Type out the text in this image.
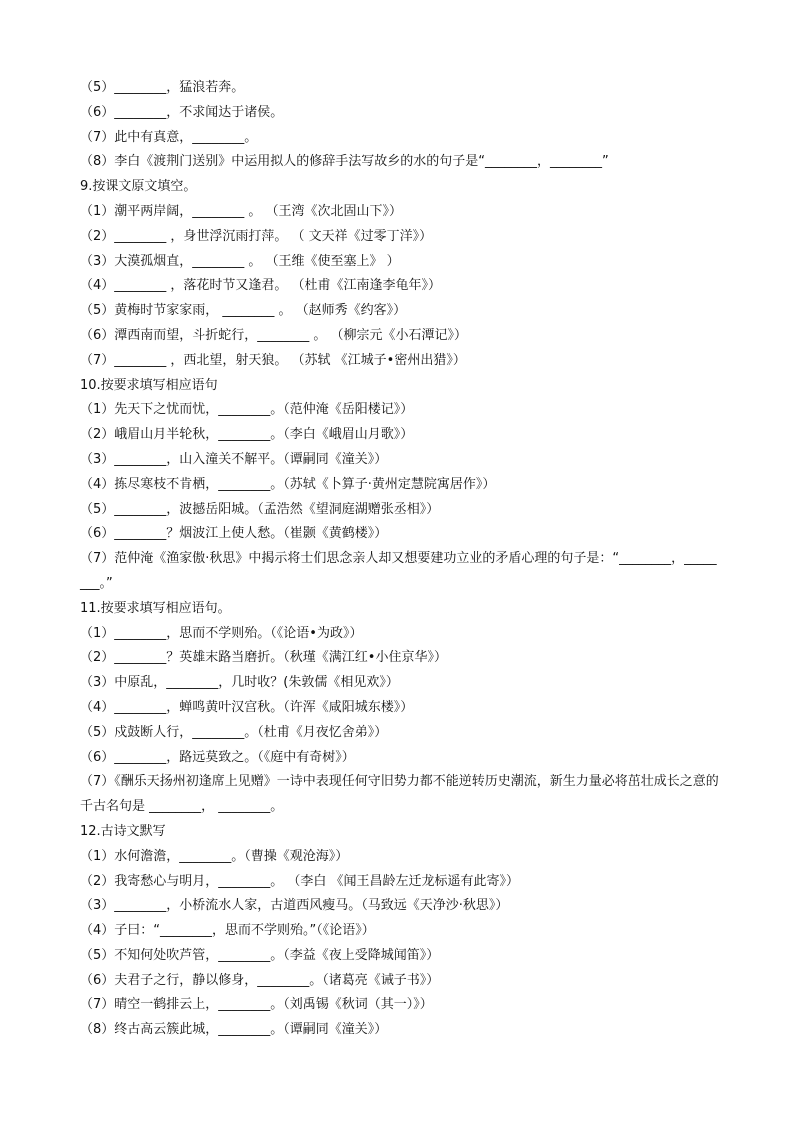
（5）________，猛浪若奔。
（6）________，不求闻达于诸侯。
（7）此中有真意，________。
（8）李白《渡荆门送别》中运用拟人的修辞手法写故乡的水的句子是“________，________”
9.按课文原文填空。
（1）潮平两岸阔，________ 。 （王湾《次北固山下》）
（2）________ ，身世浮沉雨打萍。 （ 文天祥《过零丁洋》）
（3）大漠孤烟直，________ 。 （王维《使至塞上》 ）
（4）________ ，落花时节又逢君。 （杜甫《江南逢李龟年》）
（5）黄梅时节家家雨， ________ 。 （赵师秀《约客》）
（6）潭西南而望，斗折蛇行，________ 。 （柳宗元《小石潭记》）
（7）________ ，西北望，射天狼。 （苏轼 《江城子•密州出猎》）
10.按要求填写相应语句
（1）先天下之忧而忧，________。（范仲淹《岳阳楼记》）
（2）峨眉山月半轮秋，________。（李白《峨眉山月歌》）
（3）________，山入潼关不解平。（谭嗣同《潼关》）
（4）拣尽寒枝不肯栖，________。（苏轼《卜算子·黄州定慧院寓居作》）
（5）________，波撼岳阳城。（孟浩然《望洞庭湖赠张丞相》）
（6）________？烟波江上使人愁。（崔颢《黄鹤楼》）
（7）范仲淹《渔家傲·秋思》中揭示将士们思念亲人却又想要建功立业的矛盾心理的句子是：“________，________。”
11.按要求填写相应语句。
（1）________，思而不学则殆。（《论语•为政》）
（2）________？英雄末路当磨折。（秋瑾《满江红•小住京华》）
（3）中原乱，________，几时收？(朱敦儒《相见欢》）
（4）________，蝉鸣黄叶汉宫秋。（许浑《咸阳城东楼》）
（5）戍鼓断人行，________。（杜甫《月夜忆舍弟》）
（6）________，路远莫致之。（《庭中有奇树》）
（7）《酬乐天扬州初逢席上见赠》一诗中表现任何守旧势力都不能逆转历史潮流，新生力量必将茁壮成长之意的千古名句是 ________， ________。
12.古诗文默写
（1）水何澹澹，________。（曹操《观沧海》）
（2）我寄愁心与明月，________。 （李白 《闻王昌龄左迁龙标遥有此寄》）
（3）________，小桥流水人家，古道西风瘦马。（马致远《天净沙·秋思》）
（4）子曰：“________，思而不学则殆。”（《论语》）
（5）不知何处吹芦管，________。（李益《夜上受降城闻笛》）
（6）夫君子之行，静以修身，________。（诸葛亮《诫子书》）
（7）晴空一鹤排云上，________。（刘禹锡《秋词（其一）》）
（8）终古高云簇此城，________。（谭嗣同《潼关》）
